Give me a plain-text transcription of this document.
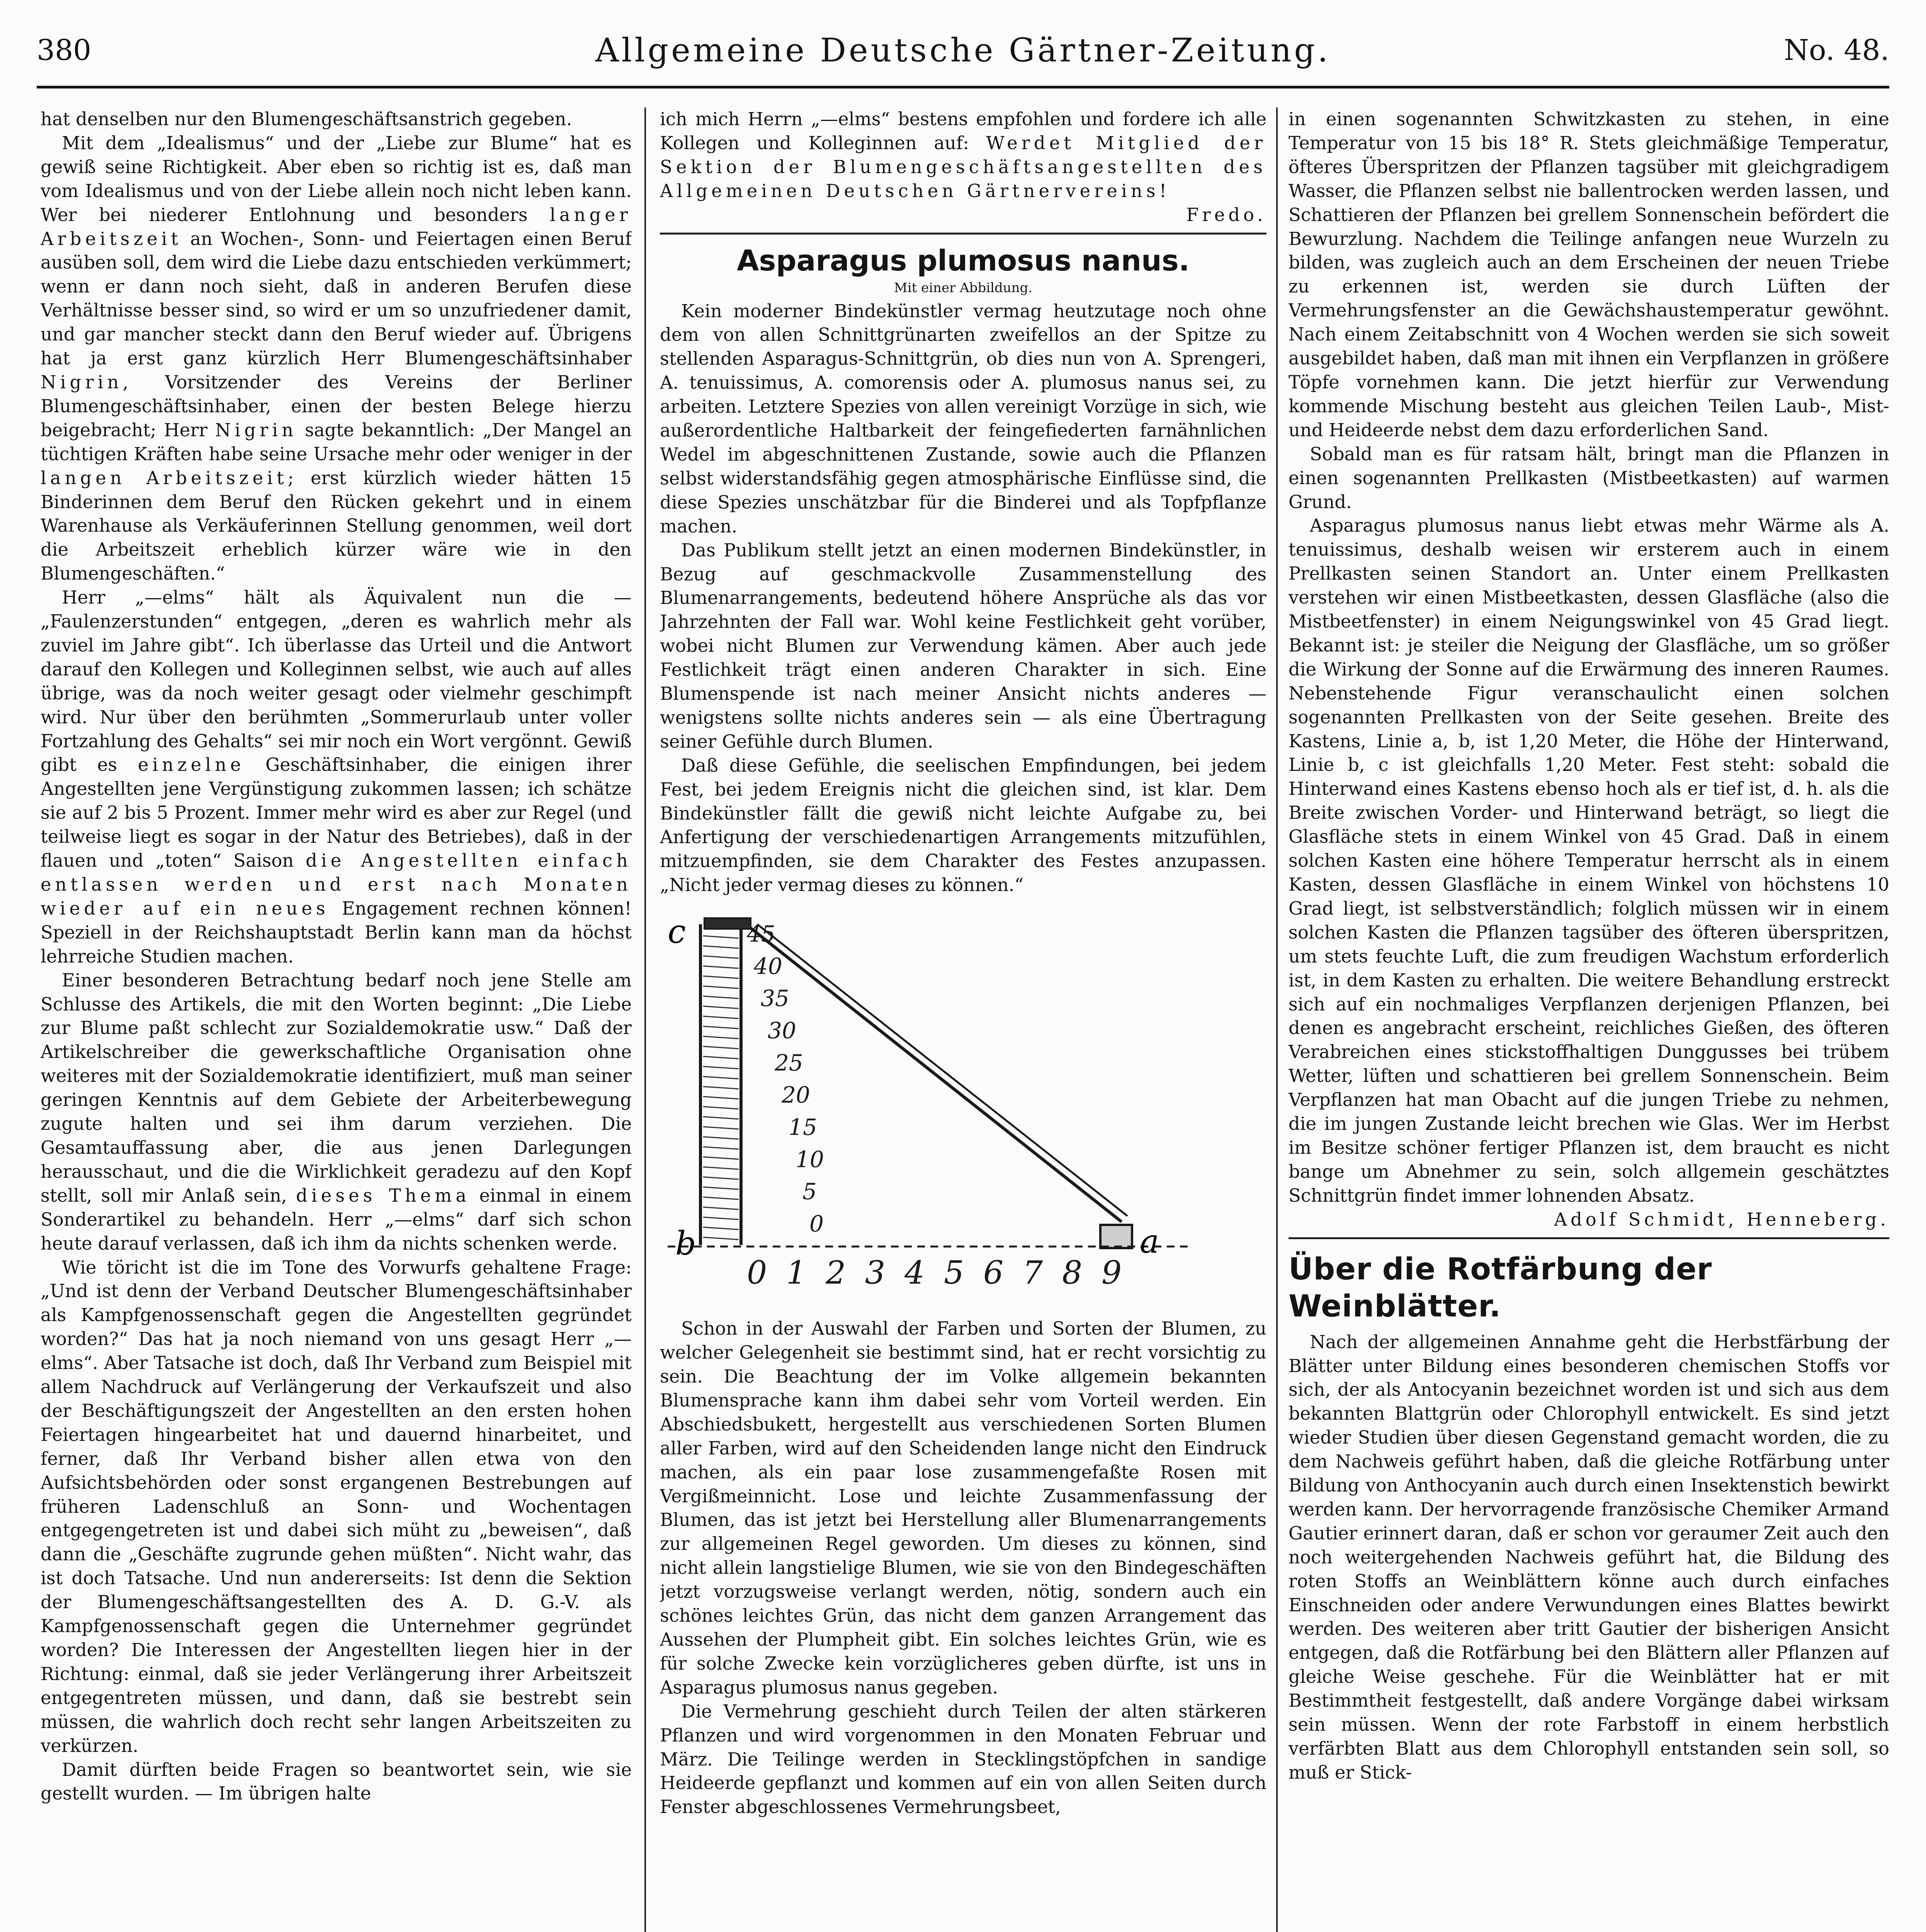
380	Allgemeine Deutsche Gärtner-Zeitung.	No. 48.

hat denselben nur den Blumengeschäftsanstrich gegeben.

Mit dem „Idealismus“ und der „Liebe zur Blume“ hat es gewiß seine Richtigkeit. Aber eben so richtig ist es, daß man vom Idealismus und von der Liebe allein noch nicht leben kann. Wer bei niederer Entlohnung und besonders langer Arbeitszeit an Wochen-, Sonn- und Feiertagen einen Beruf ausüben soll, dem wird die Liebe dazu entschieden verkümmert; wenn er dann noch sieht, daß in anderen Berufen diese Verhältnisse besser sind, so wird er um so unzufriedener damit, und gar mancher steckt dann den Beruf wieder auf. Übrigens hat ja erst ganz kürzlich Herr Blumengeschäftsinhaber Nigrin, Vorsitzender des Vereins der Berliner Blumengeschäftsinhaber, einen der besten Belege hierzu beigebracht; Herr Nigrin sagte bekanntlich: „Der Mangel an tüchtigen Kräften habe seine Ursache mehr oder weniger in der langen Arbeitszeit; erst kürzlich wieder hätten 15 Binderinnen dem Beruf den Rücken gekehrt und in einem Warenhause als Verkäuferinnen Stellung genommen, weil dort die Arbeitszeit erheblich kürzer wäre wie in den Blumengeschäften.“

Herr „—elms“ hält als Äquivalent nun die — „Faulenzerstunden“ entgegen, „deren es wahrlich mehr als zuviel im Jahre gibt“. Ich überlasse das Urteil und die Antwort darauf den Kollegen und Kolleginnen selbst, wie auch auf alles übrige, was da noch weiter gesagt oder vielmehr geschimpft wird. Nur über den berühmten „Sommerurlaub unter voller Fortzahlung des Gehalts“ sei mir noch ein Wort vergönnt. Gewiß gibt es einzelne Geschäftsinhaber, die einigen ihrer Angestellten jene Vergünstigung zukommen lassen; ich schätze sie auf 2 bis 5 Prozent. Immer mehr wird es aber zur Regel (und teilweise liegt es sogar in der Natur des Betriebes), daß in der flauen und „toten“ Saison die Angestellten einfach entlassen werden und erst nach Monaten wieder auf ein neues Engagement rechnen können! Speziell in der Reichshauptstadt Berlin kann man da höchst lehrreiche Studien machen.

Einer besonderen Betrachtung bedarf noch jene Stelle am Schlusse des Artikels, die mit den Worten beginnt: „Die Liebe zur Blume paßt schlecht zur Sozialdemokratie usw.“ Daß der Artikelschreiber die gewerkschaftliche Organisation ohne weiteres mit der Sozialdemokratie identifiziert, muß man seiner geringen Kenntnis auf dem Gebiete der Arbeiterbewegung zugute halten und sei ihm darum verziehen. Die Gesamtauffassung aber, die aus jenen Darlegungen herausschaut, und die die Wirklichkeit geradezu auf den Kopf stellt, soll mir Anlaß sein, dieses Thema einmal in einem Sonderartikel zu behandeln. Herr „—elms“ darf sich schon heute darauf verlassen, daß ich ihm da nichts schenken werde.

Wie töricht ist die im Tone des Vorwurfs gehaltene Frage: „Und ist denn der Verband Deutscher Blumengeschäftsinhaber als Kampfgenossenschaft gegen die Angestellten gegründet worden?“ Das hat ja noch niemand von uns gesagt Herr „—elms“. Aber Tatsache ist doch, daß Ihr Verband zum Beispiel mit allem Nachdruck auf Verlängerung der Verkaufszeit und also der Beschäftigungszeit der Angestellten an den ersten hohen Feiertagen hingearbeitet hat und dauernd hinarbeitet, und ferner, daß Ihr Verband bisher allen etwa von den Aufsichtsbehörden oder sonst ergangenen Bestrebungen auf früheren Ladenschluß an Sonn- und Wochentagen entgegengetreten ist und dabei sich müht zu „beweisen“, daß dann die „Geschäfte zugrunde gehen müßten“. Nicht wahr, das ist doch Tatsache. Und nun andererseits: Ist denn die Sektion der Blumengeschäftsangestellten des A. D. G.-V. als Kampfgenossenschaft gegen die Unternehmer gegründet worden? Die Interessen der Angestellten liegen hier in der Richtung: einmal, daß sie jeder Verlängerung ihrer Arbeitszeit entgegentreten müssen, und dann, daß sie bestrebt sein müssen, die wahrlich doch recht sehr langen Arbeitszeiten zu verkürzen.

Damit dürften beide Fragen so beantwortet sein, wie sie gestellt wurden. — Im übrigen halte

ich mich Herrn „—elms“ bestens empfohlen und fordere ich alle Kollegen und Kolleginnen auf: Werdet Mitglied der Sektion der Blumengeschäftsangestellten des Allgemeinen Deutschen Gärtnervereins!

Fredo.

Asparagus plumosus nanus.

Mit einer Abbildung.

Kein moderner Bindekünstler vermag heutzutage noch ohne dem von allen Schnittgrünarten zweifellos an der Spitze zu stellenden Asparagus-Schnittgrün, ob dies nun von A. Sprengeri, A. tenuissimus, A. comorensis oder A. plumosus nanus sei, zu arbeiten. Letztere Spezies von allen vereinigt Vorzüge in sich, wie außerordentliche Haltbarkeit der feingefiederten farnähnlichen Wedel im abgeschnittenen Zustande, sowie auch die Pflanzen selbst widerstandsfähig gegen atmosphärische Einflüsse sind, die diese Spezies unschätzbar für die Binderei und als Topfpflanze machen.

Das Publikum stellt jetzt an einen modernen Bindekünstler, in Bezug auf geschmackvolle Zusammenstellung des Blumenarrangements, bedeutend höhere Ansprüche als das vor Jahrzehnten der Fall war. Wohl keine Festlichkeit geht vorüber, wobei nicht Blumen zur Verwendung kämen. Aber auch jede Festlichkeit trägt einen anderen Charakter in sich. Eine Blumenspende ist nach meiner Ansicht nichts anderes — wenigstens sollte nichts anderes sein — als eine Übertragung seiner Gefühle durch Blumen.

Daß diese Gefühle, die seelischen Empfindungen, bei jedem Fest, bei jedem Ereignis nicht die gleichen sind, ist klar. Dem Bindekünstler fällt die gewiß nicht leichte Aufgabe zu, bei Anfertigung der verschiedenartigen Arrangements mitzufühlen, mitzuempfinden, sie dem Charakter des Festes anzupassen. „Nicht jeder vermag dieses zu können.“

45
40
35
30
25
20
15
10
5
0
0 1 2 3 4 5 6 7 8 9
c
b	a

Schon in der Auswahl der Farben und Sorten der Blumen, zu welcher Gelegenheit sie bestimmt sind, hat er recht vorsichtig zu sein. Die Beachtung der im Volke allgemein bekannten Blumensprache kann ihm dabei sehr vom Vorteil werden. Ein Abschiedsbukett, hergestellt aus verschiedenen Sorten Blumen aller Farben, wird auf den Scheidenden lange nicht den Eindruck machen, als ein paar lose zusammengefaßte Rosen mit Vergißmeinnicht. Lose und leichte Zusammenfassung der Blumen, das ist jetzt bei Herstellung aller Blumenarrangements zur allgemeinen Regel geworden. Um dieses zu können, sind nicht allein langstielige Blumen, wie sie von den Bindegeschäften jetzt vorzugsweise verlangt werden, nötig, sondern auch ein schönes leichtes Grün, das nicht dem ganzen Arrangement das Aussehen der Plumpheit gibt. Ein solches leichtes Grün, wie es für solche Zwecke kein vorzüglicheres geben dürfte, ist uns in Asparagus plumosus nanus gegeben.

Die Vermehrung geschieht durch Teilen der alten stärkeren Pflanzen und wird vorgenommen in den Monaten Februar und März. Die Teilinge werden in Stecklingstöpfchen in sandige Heideerde gepflanzt und kommen auf ein von allen Seiten durch Fenster abgeschlossenes Vermehrungsbeet,

in einen sogenannten Schwitzkasten zu stehen, in eine Temperatur von 15 bis 18° R. Stets gleichmäßige Temperatur, öfteres Überspritzen der Pflanzen tagsüber mit gleichgradigem Wasser, die Pflanzen selbst nie ballentrocken werden lassen, und Schattieren der Pflanzen bei grellem Sonnenschein befördert die Bewurzlung. Nachdem die Teilinge anfangen neue Wurzeln zu bilden, was zugleich auch an dem Erscheinen der neuen Triebe zu erkennen ist, werden sie durch Lüften der Vermehrungsfenster an die Gewächshaustemperatur gewöhnt. Nach einem Zeitabschnitt von 4 Wochen werden sie sich soweit ausgebildet haben, daß man mit ihnen ein Verpflanzen in größere Töpfe vornehmen kann. Die jetzt hierfür zur Verwendung kommende Mischung besteht aus gleichen Teilen Laub-, Mist- und Heideerde nebst dem dazu erforderlichen Sand.

Sobald man es für ratsam hält, bringt man die Pflanzen in einen sogenannten Prellkasten (Mistbeetkasten) auf warmen Grund.

Asparagus plumosus nanus liebt etwas mehr Wärme als A. tenuissimus, deshalb weisen wir ersterem auch in einem Prellkasten seinen Standort an. Unter einem Prellkasten verstehen wir einen Mistbeetkasten, dessen Glasfläche (also die Mistbeetfenster) in einem Neigungswinkel von 45 Grad liegt. Bekannt ist: je steiler die Neigung der Glasfläche, um so größer die Wirkung der Sonne auf die Erwärmung des inneren Raumes. Nebenstehende Figur veranschaulicht einen solchen sogenannten Prellkasten von der Seite gesehen. Breite des Kastens, Linie a, b, ist 1,20 Meter, die Höhe der Hinterwand, Linie b, c ist gleichfalls 1,20 Meter. Fest steht: sobald die Hinterwand eines Kastens ebenso hoch als er tief ist, d. h. als die Breite zwischen Vorder- und Hinterwand beträgt, so liegt die Glasfläche stets in einem Winkel von 45 Grad. Daß in einem solchen Kasten eine höhere Temperatur herrscht als in einem Kasten, dessen Glasfläche in einem Winkel von höchstens 10 Grad liegt, ist selbstverständlich; folglich müssen wir in einem solchen Kasten die Pflanzen tagsüber des öfteren überspritzen, um stets feuchte Luft, die zum freudigen Wachstum erforderlich ist, in dem Kasten zu erhalten. Die weitere Behandlung erstreckt sich auf ein nochmaliges Verpflanzen derjenigen Pflanzen, bei denen es angebracht erscheint, reichliches Gießen, des öfteren Verabreichen eines stickstoffhaltigen Dunggusses bei trübem Wetter, lüften und schattieren bei grellem Sonnenschein. Beim Verpflanzen hat man Obacht auf die jungen Triebe zu nehmen, die im jungen Zustande leicht brechen wie Glas. Wer im Herbst im Besitze schöner fertiger Pflanzen ist, dem braucht es nicht bange um Abnehmer zu sein, solch allgemein geschätztes Schnittgrün findet immer lohnenden Absatz.

Adolf Schmidt, Henneberg.

Über die Rotfärbung der Weinblätter.

Nach der allgemeinen Annahme geht die Herbstfärbung der Blätter unter Bildung eines besonderen chemischen Stoffs vor sich, der als Antocyanin bezeichnet worden ist und sich aus dem bekannten Blattgrün oder Chlorophyll entwickelt. Es sind jetzt wieder Studien über diesen Gegenstand gemacht worden, die zu dem Nachweis geführt haben, daß die gleiche Rotfärbung unter Bildung von Anthocyanin auch durch einen Insektenstich bewirkt werden kann. Der hervorragende französische Chemiker Armand Gautier erinnert daran, daß er schon vor geraumer Zeit auch den noch weitergehenden Nachweis geführt hat, die Bildung des roten Stoffs an Weinblättern könne auch durch einfaches Einschneiden oder andere Verwundungen eines Blattes bewirkt werden. Des weiteren aber tritt Gautier der bisherigen Ansicht entgegen, daß die Rotfärbung bei den Blättern aller Pflanzen auf gleiche Weise geschehe. Für die Weinblätter hat er mit Bestimmtheit festgestellt, daß andere Vorgänge dabei wirksam sein müssen. Wenn der rote Farbstoff in einem herbstlich verfärbten Blatt aus dem Chlorophyll entstanden sein soll, so muß er Stick-
